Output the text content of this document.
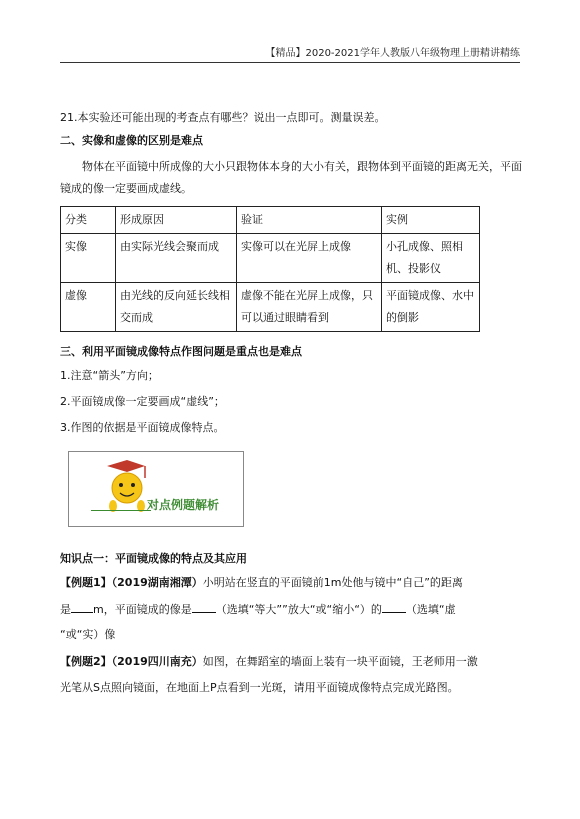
【精品】2020-2021学年人教版八年级物理上册精讲精练
21.本实验还可能出现的考查点有哪些？说出一点即可。测量误差。
二、实像和虚像的区别是难点
物体在平面镜中所成像的大小只跟物体本身的大小有关，跟物体到平面镜的距离无关，平面镜成的像一定要画成虚线。
分类	形成原因	验证	实例
实像	由实际光线会聚而成	实像可以在光屏上成像	小孔成像、照相机、投影仪
虚像	由光线的反向延长线相交而成	虚像不能在光屏上成像，只可以通过眼睛看到	平面镜成像、水中的倒影
三、利用平面镜成像特点作图问题是重点也是难点
1.注意“箭头”方向；
2.平面镜成像一定要画成“虚线”；
3.作图的依据是平面镜成像特点。
对点例题解析
知识点一：平面镜成像的特点及其应用
【例题1】（2019湖南湘潭）小明站在竖直的平面镜前1m处他与镜中“自己”的距离
是 m，平面镜成的像是 （选填“等大””放大“或“缩小“）的 （选填“虚
“或“实）像
【例题2】（2019四川南充）如图，在舞蹈室的墙面上装有一块平面镜，王老师用一激
光笔从S点照向镜面，在地面上P点看到一光斑，请用平面镜成像特点完成光路图。
